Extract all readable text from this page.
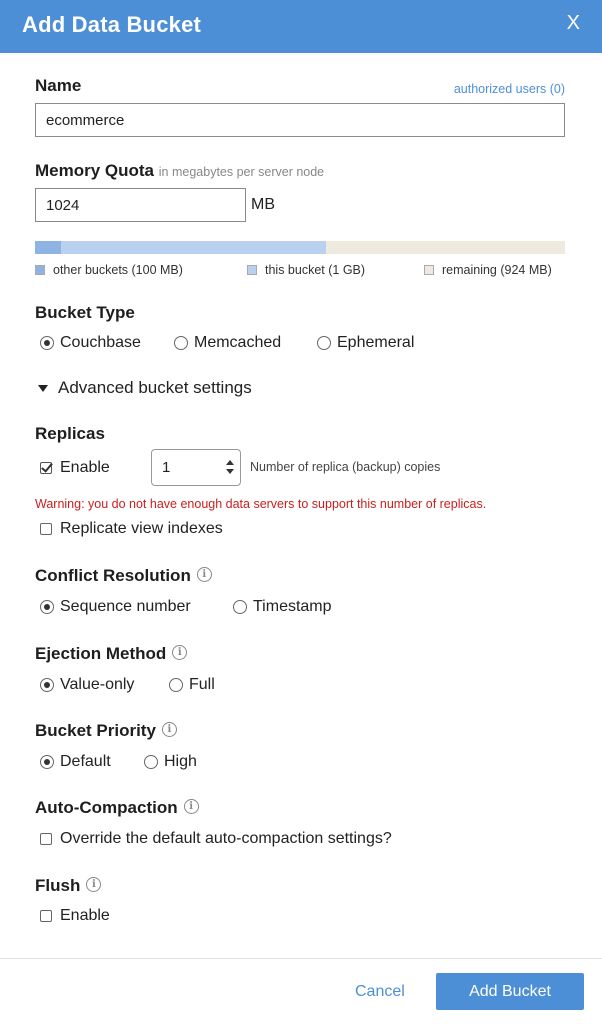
Add Data Bucket	X
Name	authorized users (0)
ecommerce
Memory Quota in megabytes per server node
1024
MB
other buckets (100 MB)	this bucket (1 GB)	remaining (924 MB)
Bucket Type
Couchbase	Memcached	Ephemeral
Advanced bucket settings
Replicas
Enable	1	Number of replica (backup) copies
Warning: you do not have enough data servers to support this number of replicas.
Replicate view indexes
Conflict Resolution i
Sequence number	Timestamp
Ejection Method i
Value-only	Full
Bucket Priority i
Default	High
Auto-Compaction i
Override the default auto-compaction settings?
Flush i
Enable
Cancel	Add Bucket
